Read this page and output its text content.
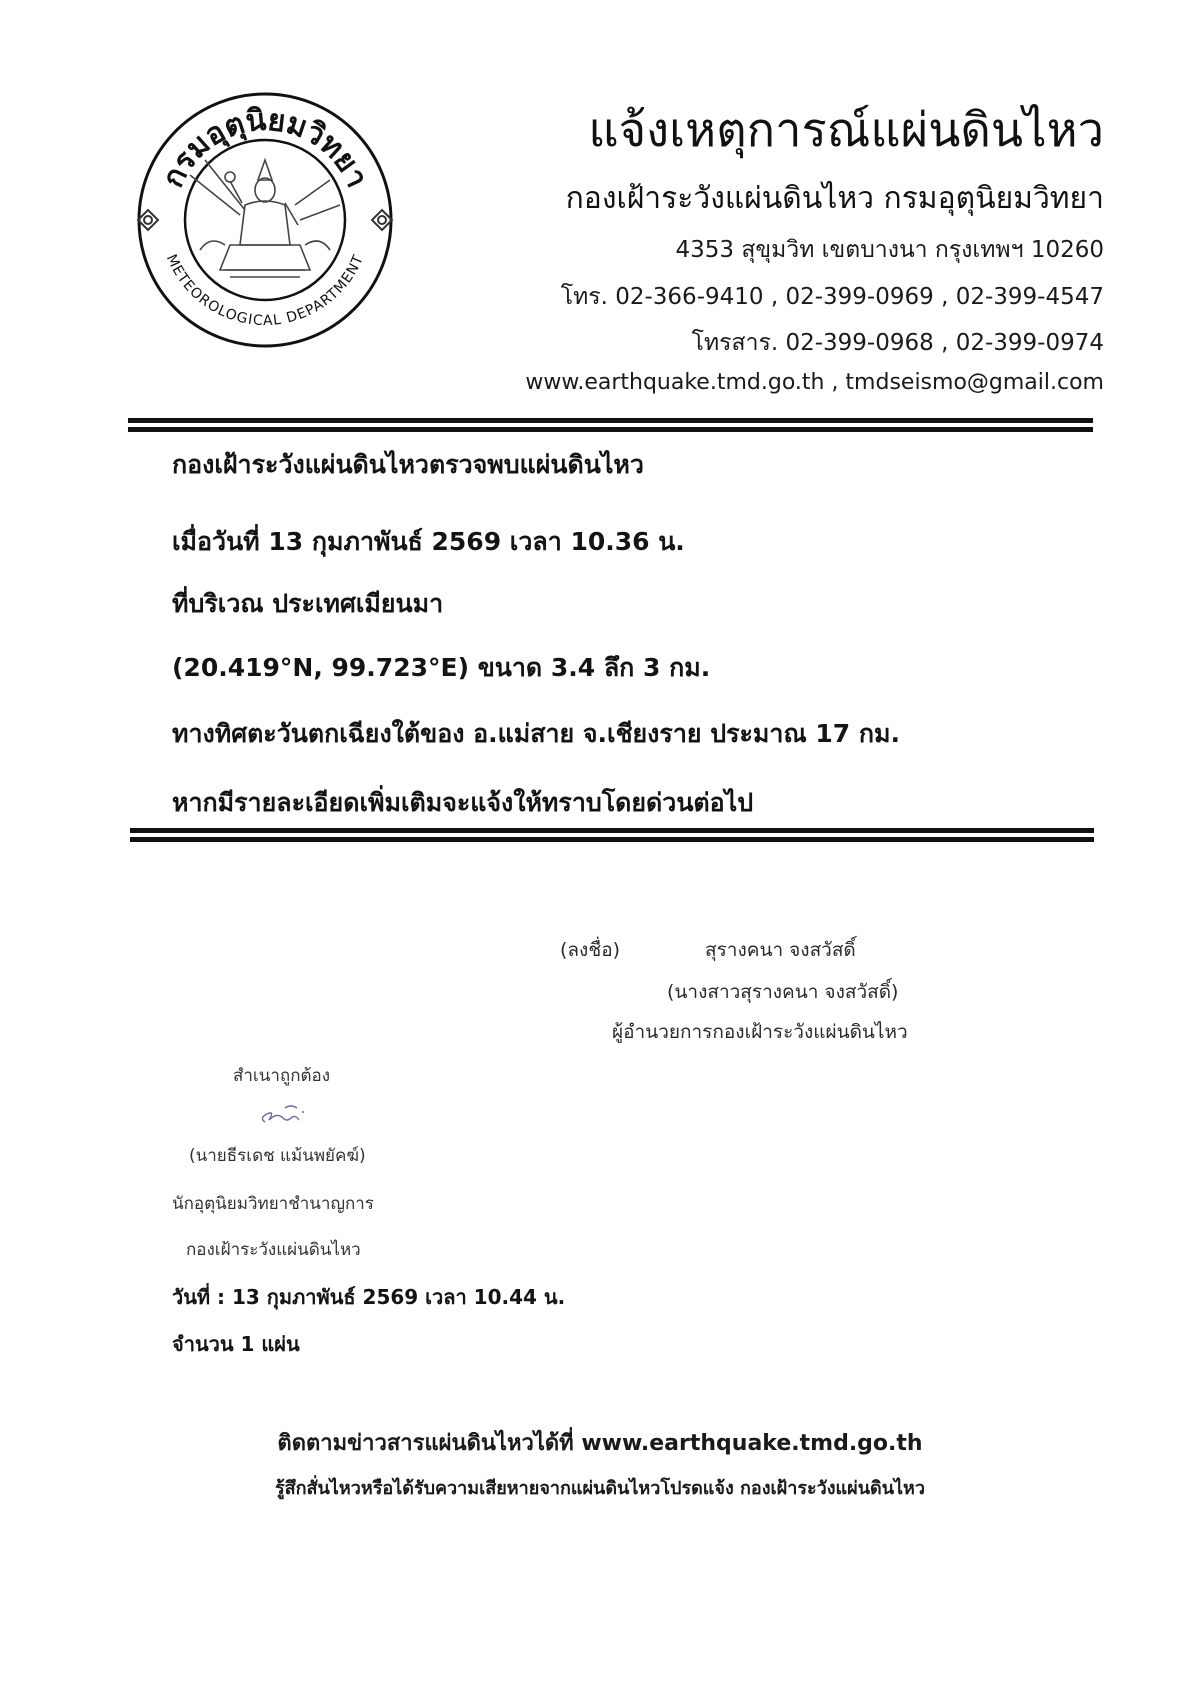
กรมอุตุนิยมวิทยา
METEOROLOGICAL DEPARTMENT
แจ้งเหตุการณ์แผ่นดินไหว
กองเฝ้าระวังแผ่นดินไหว กรมอุตุนิยมวิทยา
4353 สุขุมวิท เขตบางนา กรุงเทพฯ 10260
โทร. 02-366-9410 , 02-399-0969 , 02-399-4547
โทรสาร. 02-399-0968 , 02-399-0974
www.earthquake.tmd.go.th , tmdseismo@gmail.com
กองเฝ้าระวังแผ่นดินไหวตรวจพบแผ่นดินไหว
เมื่อวันที่ 13 กุมภาพันธ์ 2569 เวลา 10.36 น.
ที่บริเวณ ประเทศเมียนมา
(20.419°N, 99.723°E) ขนาด 3.4 ลึก 3 กม.
ทางทิศตะวันตกเฉียงใต้ของ อ.แม่สาย จ.เชียงราย ประมาณ 17 กม.
หากมีรายละเอียดเพิ่มเติมจะแจ้งให้ทราบโดยด่วนต่อไป
(ลงชื่อ)	สุรางคนา จงสวัสดิ์
(นางสาวสุรางคนา จงสวัสดิ์)
ผู้อำนวยการกองเฝ้าระวังแผ่นดินไหว
สำเนาถูกต้อง
(นายธีรเดช แม้นพยัคฆ์)
นักอุตุนิยมวิทยาชำนาญการ
กองเฝ้าระวังแผ่นดินไหว
วันที่ : 13 กุมภาพันธ์ 2569 เวลา 10.44 น.
จำนวน 1 แผ่น
ติดตามข่าวสารแผ่นดินไหวได้ที่ www.earthquake.tmd.go.th
รู้สึกสั่นไหวหรือได้รับความเสียหายจากแผ่นดินไหวโปรดแจ้ง กองเฝ้าระวังแผ่นดินไหว
